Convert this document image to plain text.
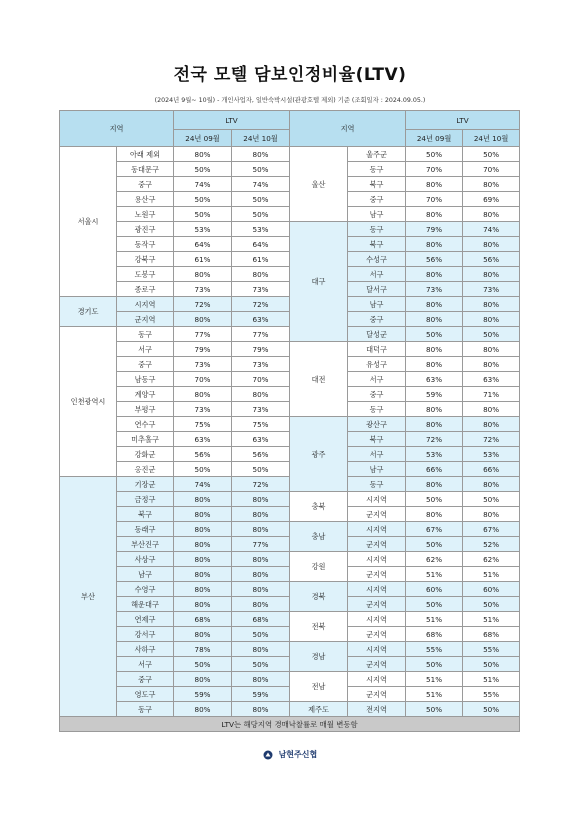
전국 모텔 담보인정비율(LTV)
(2024년 9월~ 10월) - 개인사업자, 일반숙박시설(관광호텔 제외) 기준 (조회일자 : 2024.09.05.)
지역		LTV		지역		LTV	
		24년 09월	24년 10월			24년 09월	24년 10월
서울시	아래 제외	80%	80%	울산	울주군	50%	50%
	동대문구	50%	50%		동구	70%	70%
	중구	74%	74%		북구	80%	80%
	용산구	50%	50%		중구	70%	69%
	노원구	50%	50%		남구	80%	80%
	광진구	53%	53%	대구	동구	79%	74%
	동작구	64%	64%		북구	80%	80%
	강북구	61%	61%		수성구	56%	56%
	도봉구	80%	80%		서구	80%	80%
	종로구	73%	73%		달서구	73%	73%
경기도	시지역	72%	72%		남구	80%	80%
	군지역	80%	63%		중구	80%	80%
인천광역시	동구	77%	77%		달성군	50%	50%
	서구	79%	79%	대전	대덕구	80%	80%
	중구	73%	73%		유성구	80%	80%
	남동구	70%	70%		서구	63%	63%
	계양구	80%	80%		중구	59%	71%
	부평구	73%	73%		동구	80%	80%
	연수구	75%	75%	광주	광산구	80%	80%
	미추홀구	63%	63%		북구	72%	72%
	강화군	56%	56%		서구	53%	53%
	옹진군	50%	50%		남구	66%	66%
부산	기장군	74%	72%		동구	80%	80%
	금정구	80%	80%	충북	시지역	50%	50%
	북구	80%	80%		군지역	80%	80%
	동래구	80%	80%	충남	시지역	67%	67%
	부산진구	80%	77%		군지역	50%	52%
	사상구	80%	80%	강원	시지역	62%	62%
	남구	80%	80%		군지역	51%	51%
	수영구	80%	80%	경북	시지역	60%	60%
	해운대구	80%	80%		군지역	50%	50%
	연제구	68%	68%	전북	시지역	51%	51%
	강서구	80%	50%		군지역	68%	68%
	사하구	78%	80%	경남	시지역	55%	55%
	서구	50%	50%		군지역	50%	50%
	중구	80%	80%	전남	시지역	51%	51%
	영도구	59%	59%		군지역	51%	55%
	동구	80%	80%	제주도	전지역	50%	50%
LTV는 해당지역 경매낙찰률로 매월 변동함							
남현주신협
